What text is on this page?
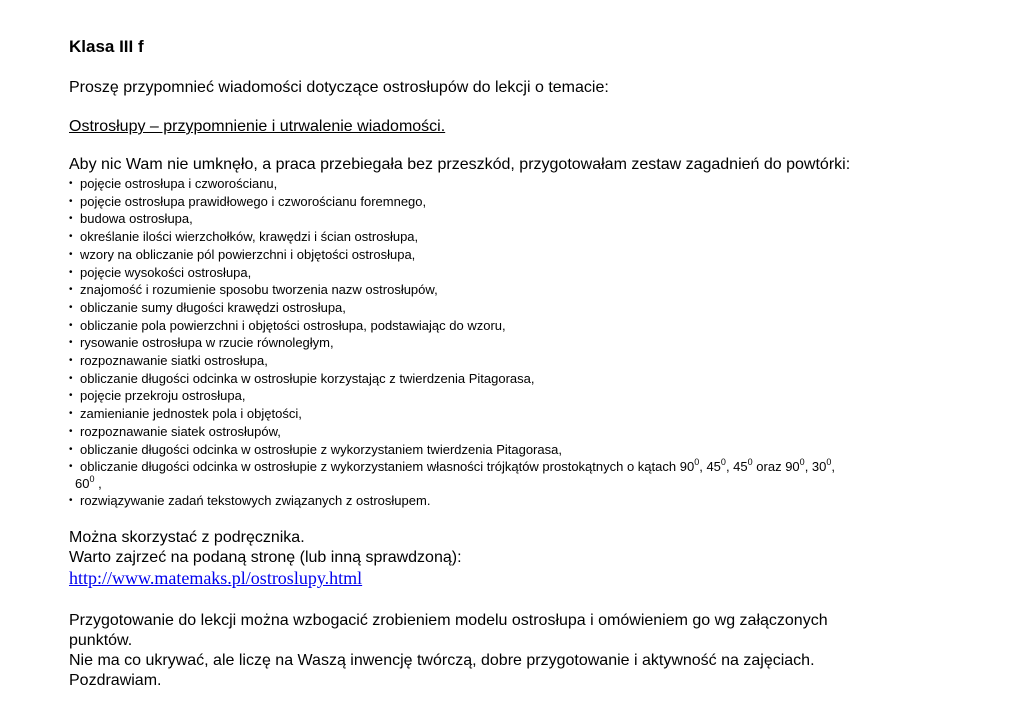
Klasa III f
Proszę przypomnieć wiadomości dotyczące ostrosłupów do lekcji o temacie:
Ostrosłupy – przypomnienie i utrwalenie wiadomości.
Aby nic Wam nie umknęło, a praca przebiegała bez przeszkód, przygotowałam zestaw zagadnień do powtórki:
• pojęcie ostrosłupa i czworościanu,
• pojęcie ostrosłupa prawidłowego i czworościanu foremnego,
• budowa ostrosłupa,
• określanie ilości wierzchołków, krawędzi i ścian ostrosłupa,
• wzory na obliczanie pól powierzchni i objętości ostrosłupa,
• pojęcie wysokości ostrosłupa,
• znajomość i rozumienie sposobu tworzenia nazw ostrosłupów,
• obliczanie sumy długości krawędzi ostrosłupa,
• obliczanie pola powierzchni i objętości ostrosłupa, podstawiając do wzoru,
• rysowanie ostrosłupa w rzucie równoległym,
• rozpoznawanie siatki ostrosłupa,
• obliczanie długości odcinka w ostrosłupie korzystając z twierdzenia Pitagorasa,
• pojęcie przekroju ostrosłupa,
• zamienianie jednostek pola i objętości,
• rozpoznawanie siatek ostrosłupów,
• obliczanie długości odcinka w ostrosłupie z wykorzystaniem twierdzenia Pitagorasa,
• obliczanie długości odcinka w ostrosłupie z wykorzystaniem własności trójkątów prostokątnych o kątach $90^0$, $45^0$, $45^0$ oraz $90^0$, $30^0$,

$60^0$ ,
• rozwiązywanie zadań tekstowych związanych z ostrosłupem.
Można skorzystać z podręcznika.
Warto zajrzeć na podaną stronę (lub inną sprawdzoną):
http://www.matemaks.pl/ostroslupy.html
Przygotowanie do lekcji można wzbogacić zrobieniem modelu ostrosłupa i omówieniem go wg załączonych
punktów.
Nie ma co ukrywać, ale liczę na Waszą inwencję twórczą, dobre przygotowanie i aktywność na zajęciach.
Pozdrawiam.
